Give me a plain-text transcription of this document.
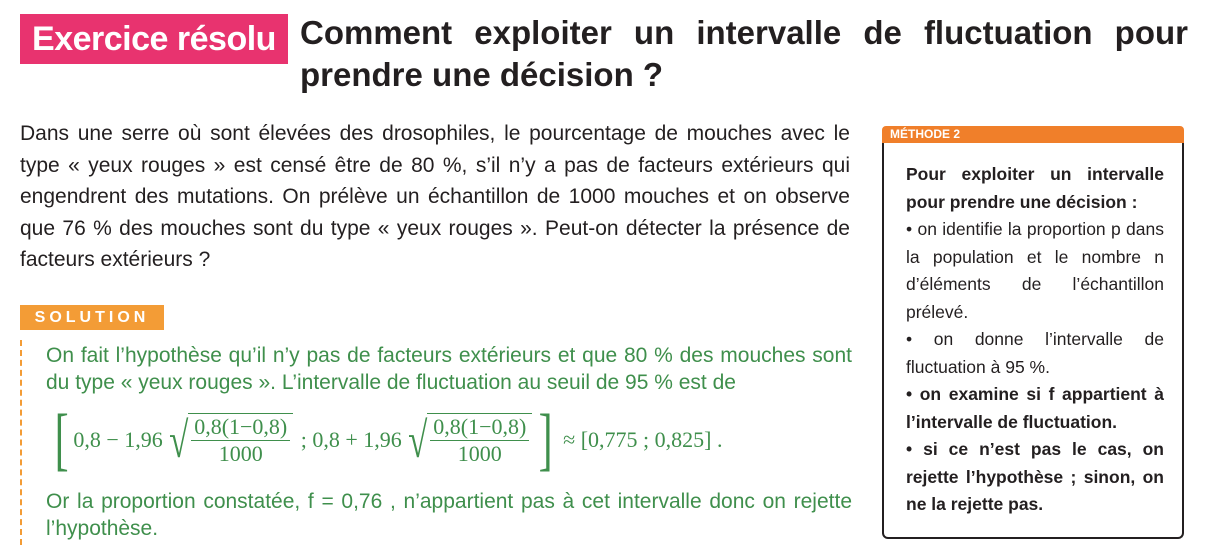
Exercice résolu 2
Comment exploiter un intervalle de fluctuation pour
prendre une décision ?
Dans une serre où sont élevées des drosophiles, le pourcentage de mouches avec le type « yeux rouges » est censé être de 80 %, s’il n’y a pas de facteurs extérieurs qui engendrent des mutations. On prélève un échantillon de 1000 mouches et on observe que 76 % des mouches sont du type « yeux rouges ». Peut-on détecter la présence de facteurs extérieurs ?
SOLUTION
On fait l’hypothèse qu’il n’y pas de facteurs extérieurs et que 80 % des mouches sont du type « yeux rouges ». L’intervalle de fluctuation au seuil de 95 % est de
[ 0,8 − 1,96 √ $\frac{0,8(1-0,8)}{1000}$ ; 0,8 + 1,96 √ $\frac{0,8(1-0,8)}{1000}$ ] ≈ [0,775 ; 0,825] .
Or la proportion constatée, f = 0,76 , n’appartient pas à cet intervalle donc on rejette l’hypothèse.
MÉTHODE 2
Pour exploiter un intervalle pour prendre une décision :

• on identifie la proportion p dans la population et le nombre n d’éléments de l’échantillon prélevé.

• on donne l’intervalle de fluctuation à 95 %.

• on examine si f appartient à l’intervalle de fluctuation.

• si ce n’est pas le cas, on rejette l’hypothèse ; sinon, on ne la rejette pas.
